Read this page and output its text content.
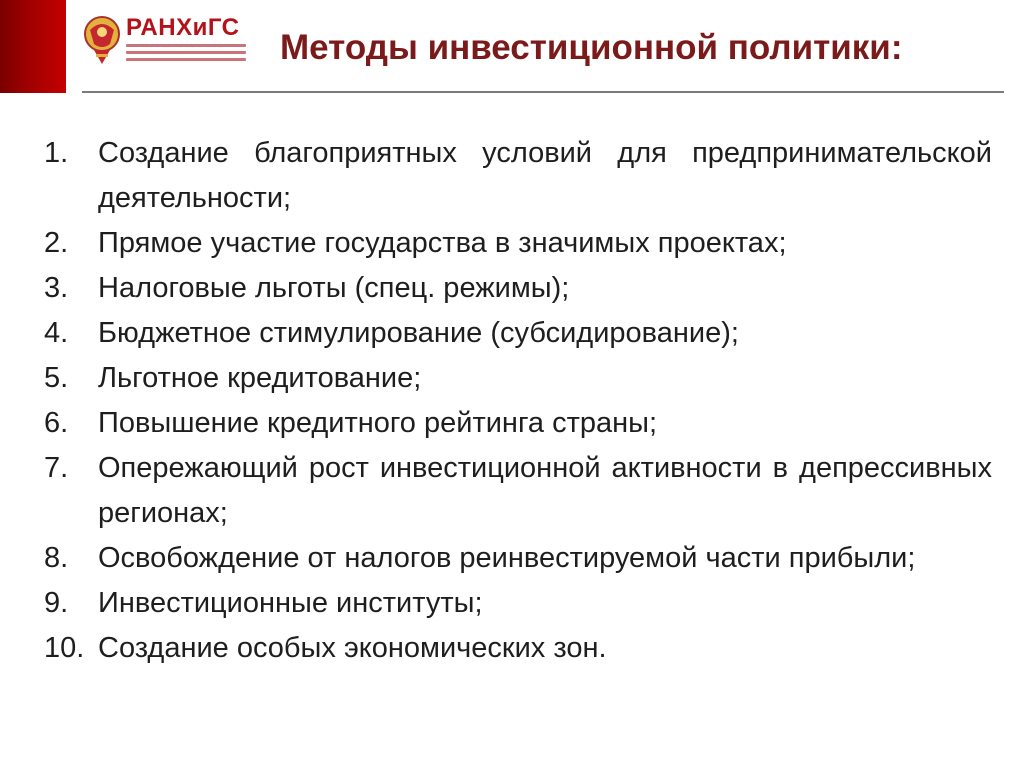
РАНХиГС
Методы инвестиционной политики:
1.	Создание благоприятных условий для предпринимательской деятельности;
2.	Прямое участие государства в значимых проектах;
3.	Налоговые льготы (спец. режимы);
4.	Бюджетное стимулирование (субсидирование);
5.	Льготное кредитование;
6.	Повышение кредитного рейтинга страны;
7.	Опережающий рост инвестиционной активности в депрессивных регионах;
8.	Освобождение от налогов реинвестируемой части прибыли;
9.	Инвестиционные институты;
10. Создание особых экономических зон.
